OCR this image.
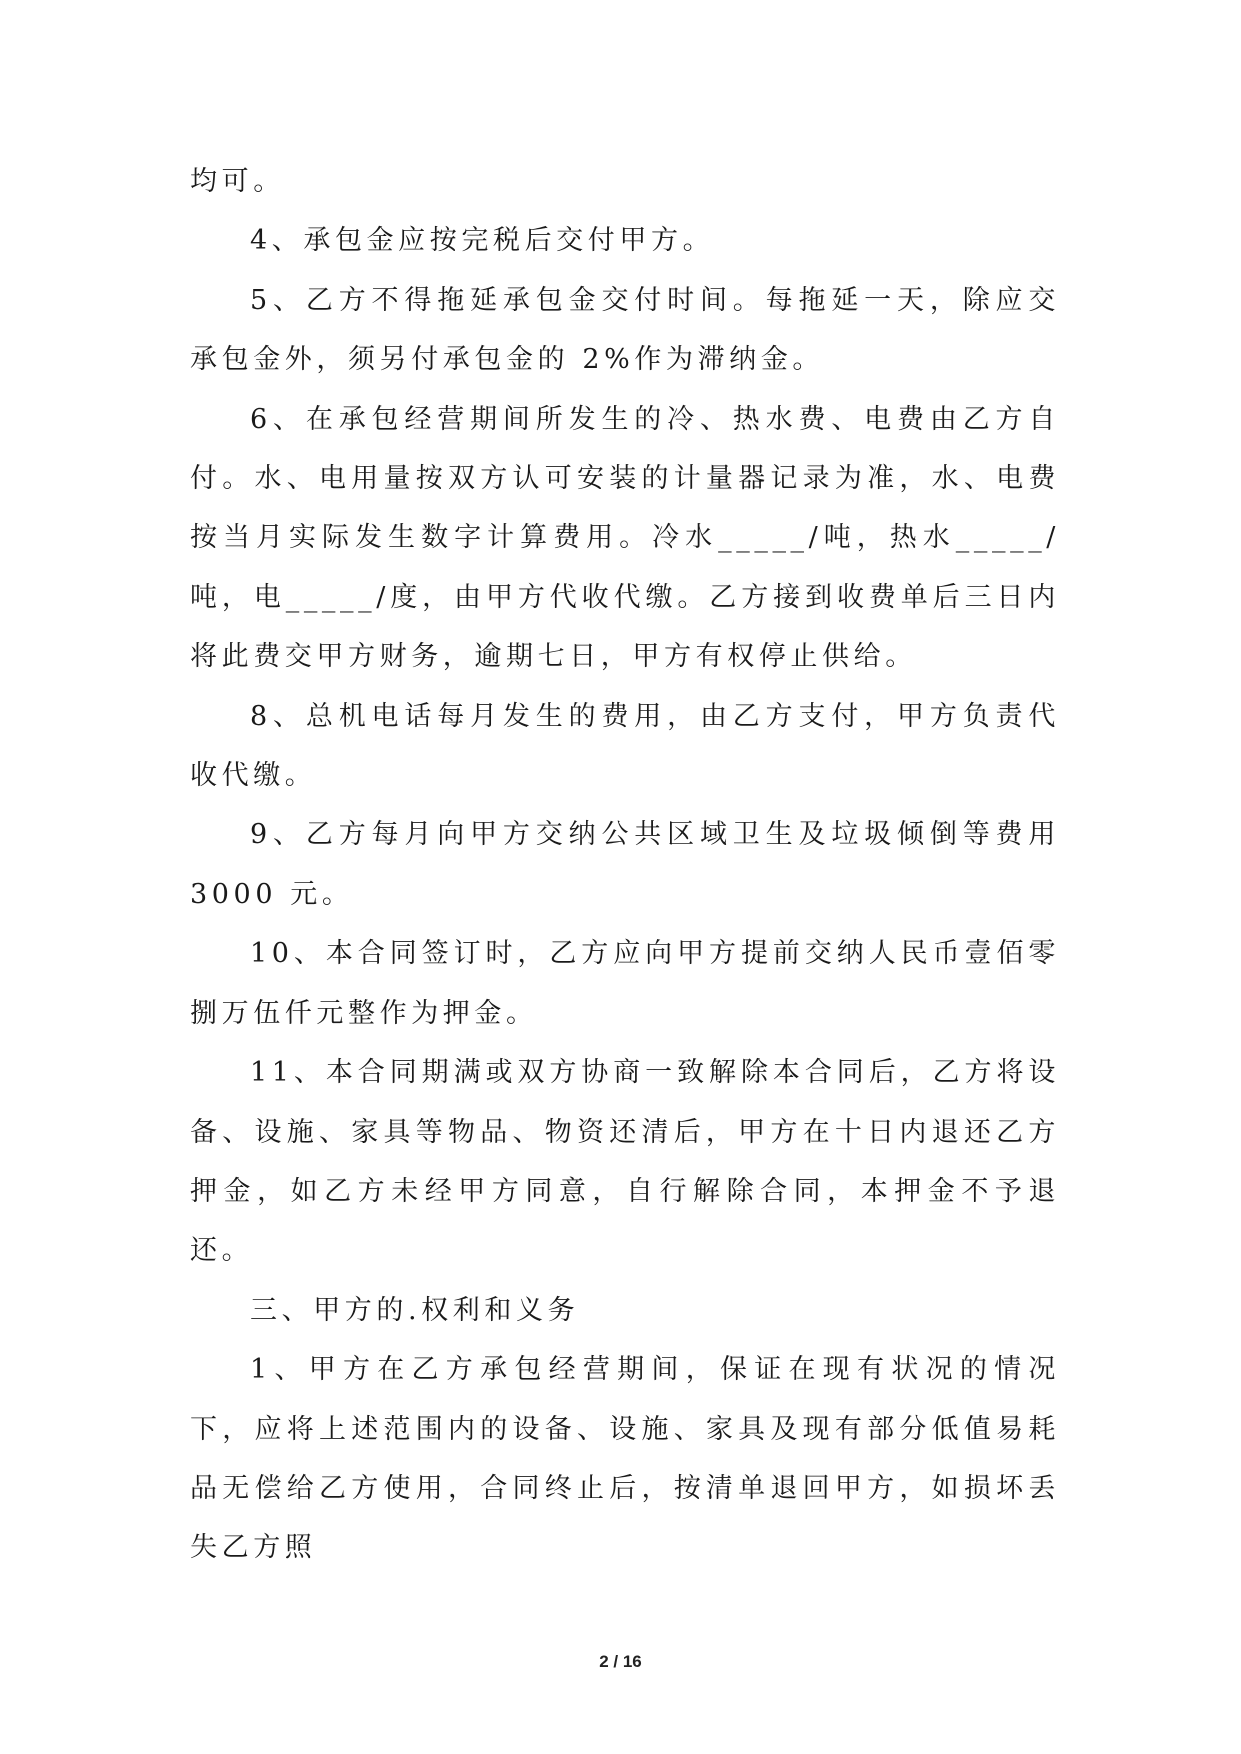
均可。

4、承包金应按完税后交付甲方。

5、乙方不得拖延承包金交付时间。每拖延一天，除应交承包金外，须另付承包金的 2%作为滞纳金。

6、在承包经营期间所发生的冷、热水费、电费由乙方自付。水、电用量按双方认可安装的计量器记录为准，水、电费按当月实际发生数字计算费用。冷水_____/吨，热水_____/吨，电_____/度，由甲方代收代缴。乙方接到收费单后三日内将此费交甲方财务，逾期七日，甲方有权停止供给。

8、总机电话每月发生的费用，由乙方支付，甲方负责代收代缴。

9、乙方每月向甲方交纳公共区域卫生及垃圾倾倒等费用 3000 元。

10、本合同签订时，乙方应向甲方提前交纳人民币壹佰零捌万伍仟元整作为押金。

11、本合同期满或双方协商一致解除本合同后，乙方将设备、设施、家具等物品、物资还清后，甲方在十日内退还乙方押金，如乙方未经甲方同意，自行解除合同，本押金不予退还。

三、甲方的.权利和义务

1、甲方在乙方承包经营期间，保证在现有状况的情况下，应将上述范围内的设备、设施、家具及现有部分低值易耗品无偿给乙方使用，合同终止后，按清单退回甲方，如损坏丢失乙方照

2 / 16
